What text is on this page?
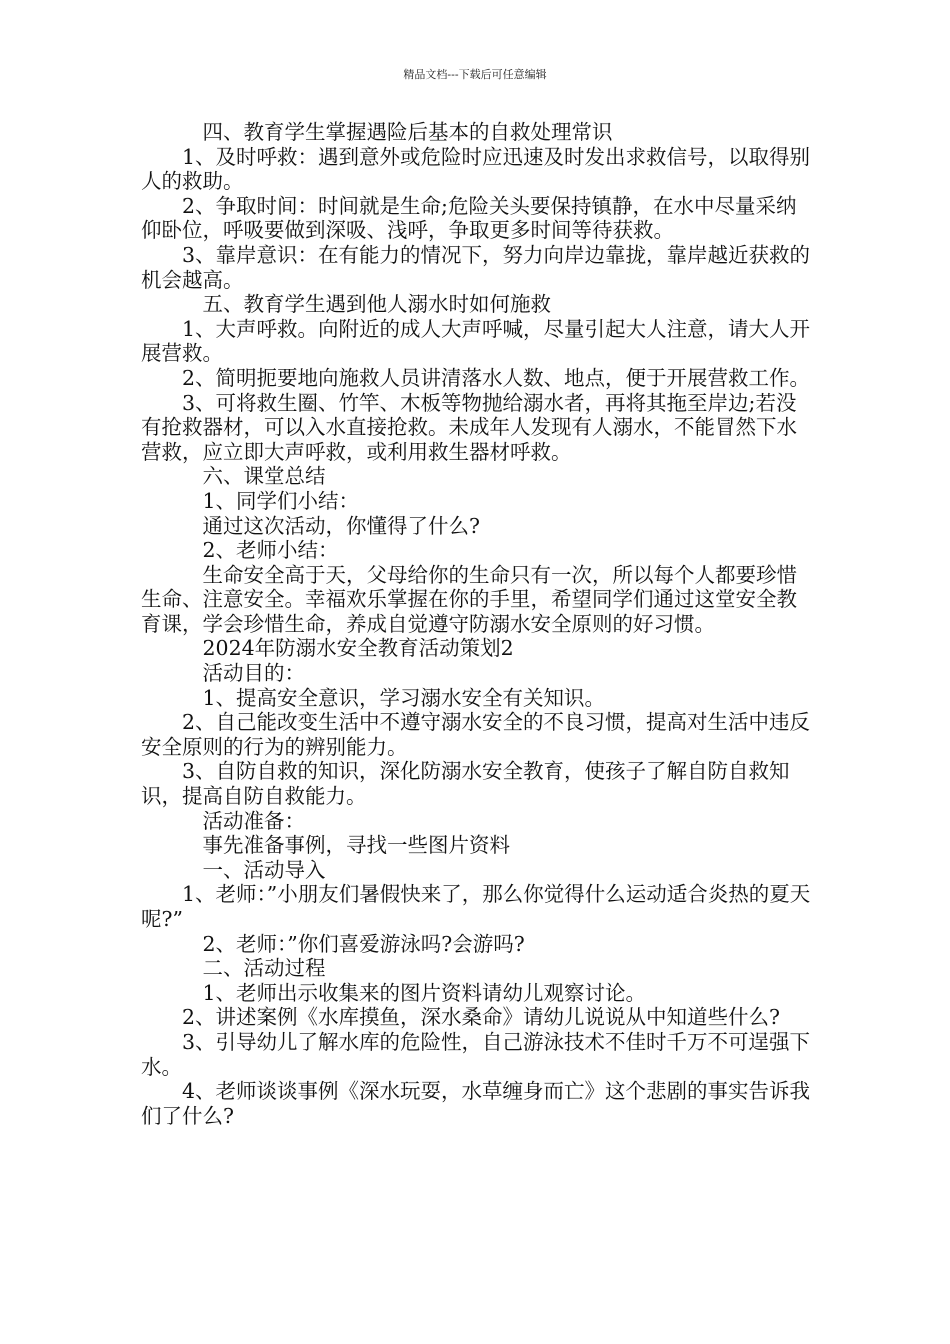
精品文档---下载后可任意编辑

四、教育学生掌握遇险后基本的自救处理常识

1、及时呼救：遇到意外或危险时应迅速及时发出求救信号，以取得别人的救助。

2、争取时间：时间就是生命;危险关头要保持镇静，在水中尽量采纳仰卧位，呼吸要做到深吸、浅呼，争取更多时间等待获救。

3、靠岸意识：在有能力的情况下，努力向岸边靠拢，靠岸越近获救的机会越高。

五、教育学生遇到他人溺水时如何施救

1、大声呼救。向附近的成人大声呼喊，尽量引起大人注意，请大人开展营救。

2、简明扼要地向施救人员讲清落水人数、地点，便于开展营救工作。

3、可将救生圈、竹竿、木板等物抛给溺水者，再将其拖至岸边;若没有抢救器材，可以入水直接抢救。未成年人发现有人溺水，不能冒然下水营救，应立即大声呼救，或利用救生器材呼救。

六、课堂总结

1、同学们小结：

通过这次活动，你懂得了什么?

2、老师小结：

生命安全高于天，父母给你的生命只有一次，所以每个人都要珍惜生命、注意安全。幸福欢乐掌握在你的手里，希望同学们通过这堂安全教育课，学会珍惜生命，养成自觉遵守防溺水安全原则的好习惯。

2024年防溺水安全教育活动策划2

活动目的：

1、提高安全意识，学习溺水安全有关知识。

2、自己能改变生活中不遵守溺水安全的不良习惯，提高对生活中违反安全原则的行为的辨别能力。

3、自防自救的知识，深化防溺水安全教育，使孩子了解自防自救知识，提高自防自救能力。

活动准备：

事先准备事例，寻找一些图片资料

一、活动导入

1、老师：”小朋友们暑假快来了，那么你觉得什么运动适合炎热的夏天呢?”

2、老师：”你们喜爱游泳吗?会游吗?

二、活动过程

1、老师出示收集来的图片资料请幼儿观察讨论。

2、讲述案例《水库摸鱼，深水桑命》请幼儿说说从中知道些什么?

3、引导幼儿了解水库的危险性，自己游泳技术不佳时千万不可逞强下水。

4、老师谈谈事例《深水玩耍，水草缠身而亡》这个悲剧的事实告诉我们了什么?
